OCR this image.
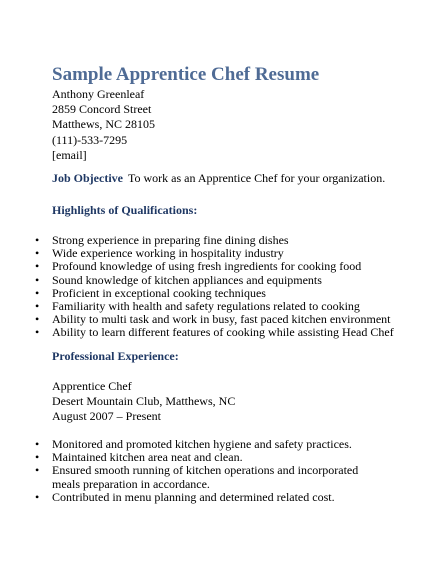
Sample Apprentice Chef Resume
Anthony Greenleaf
2859 Concord Street
Matthews, NC 28105
(111)-533-7295
[email]
Job Objective To work as an Apprentice Chef for your organization.
Highlights of Qualifications:
• Strong experience in preparing fine dining dishes
• Wide experience working in hospitality industry
• Profound knowledge of using fresh ingredients for cooking food
• Sound knowledge of kitchen appliances and equipments
• Proficient in exceptional cooking techniques
• Familiarity with health and safety regulations related to cooking
• Ability to multi task and work in busy, fast paced kitchen environment
• Ability to learn different features of cooking while assisting Head Chef
Professional Experience:
Apprentice Chef
Desert Mountain Club, Matthews, NC
August 2007 – Present
• Monitored and promoted kitchen hygiene and safety practices.
• Maintained kitchen area neat and clean.
• Ensured smooth running of kitchen operations and incorporated meals preparation in accordance.
• Contributed in menu planning and determined related cost.
